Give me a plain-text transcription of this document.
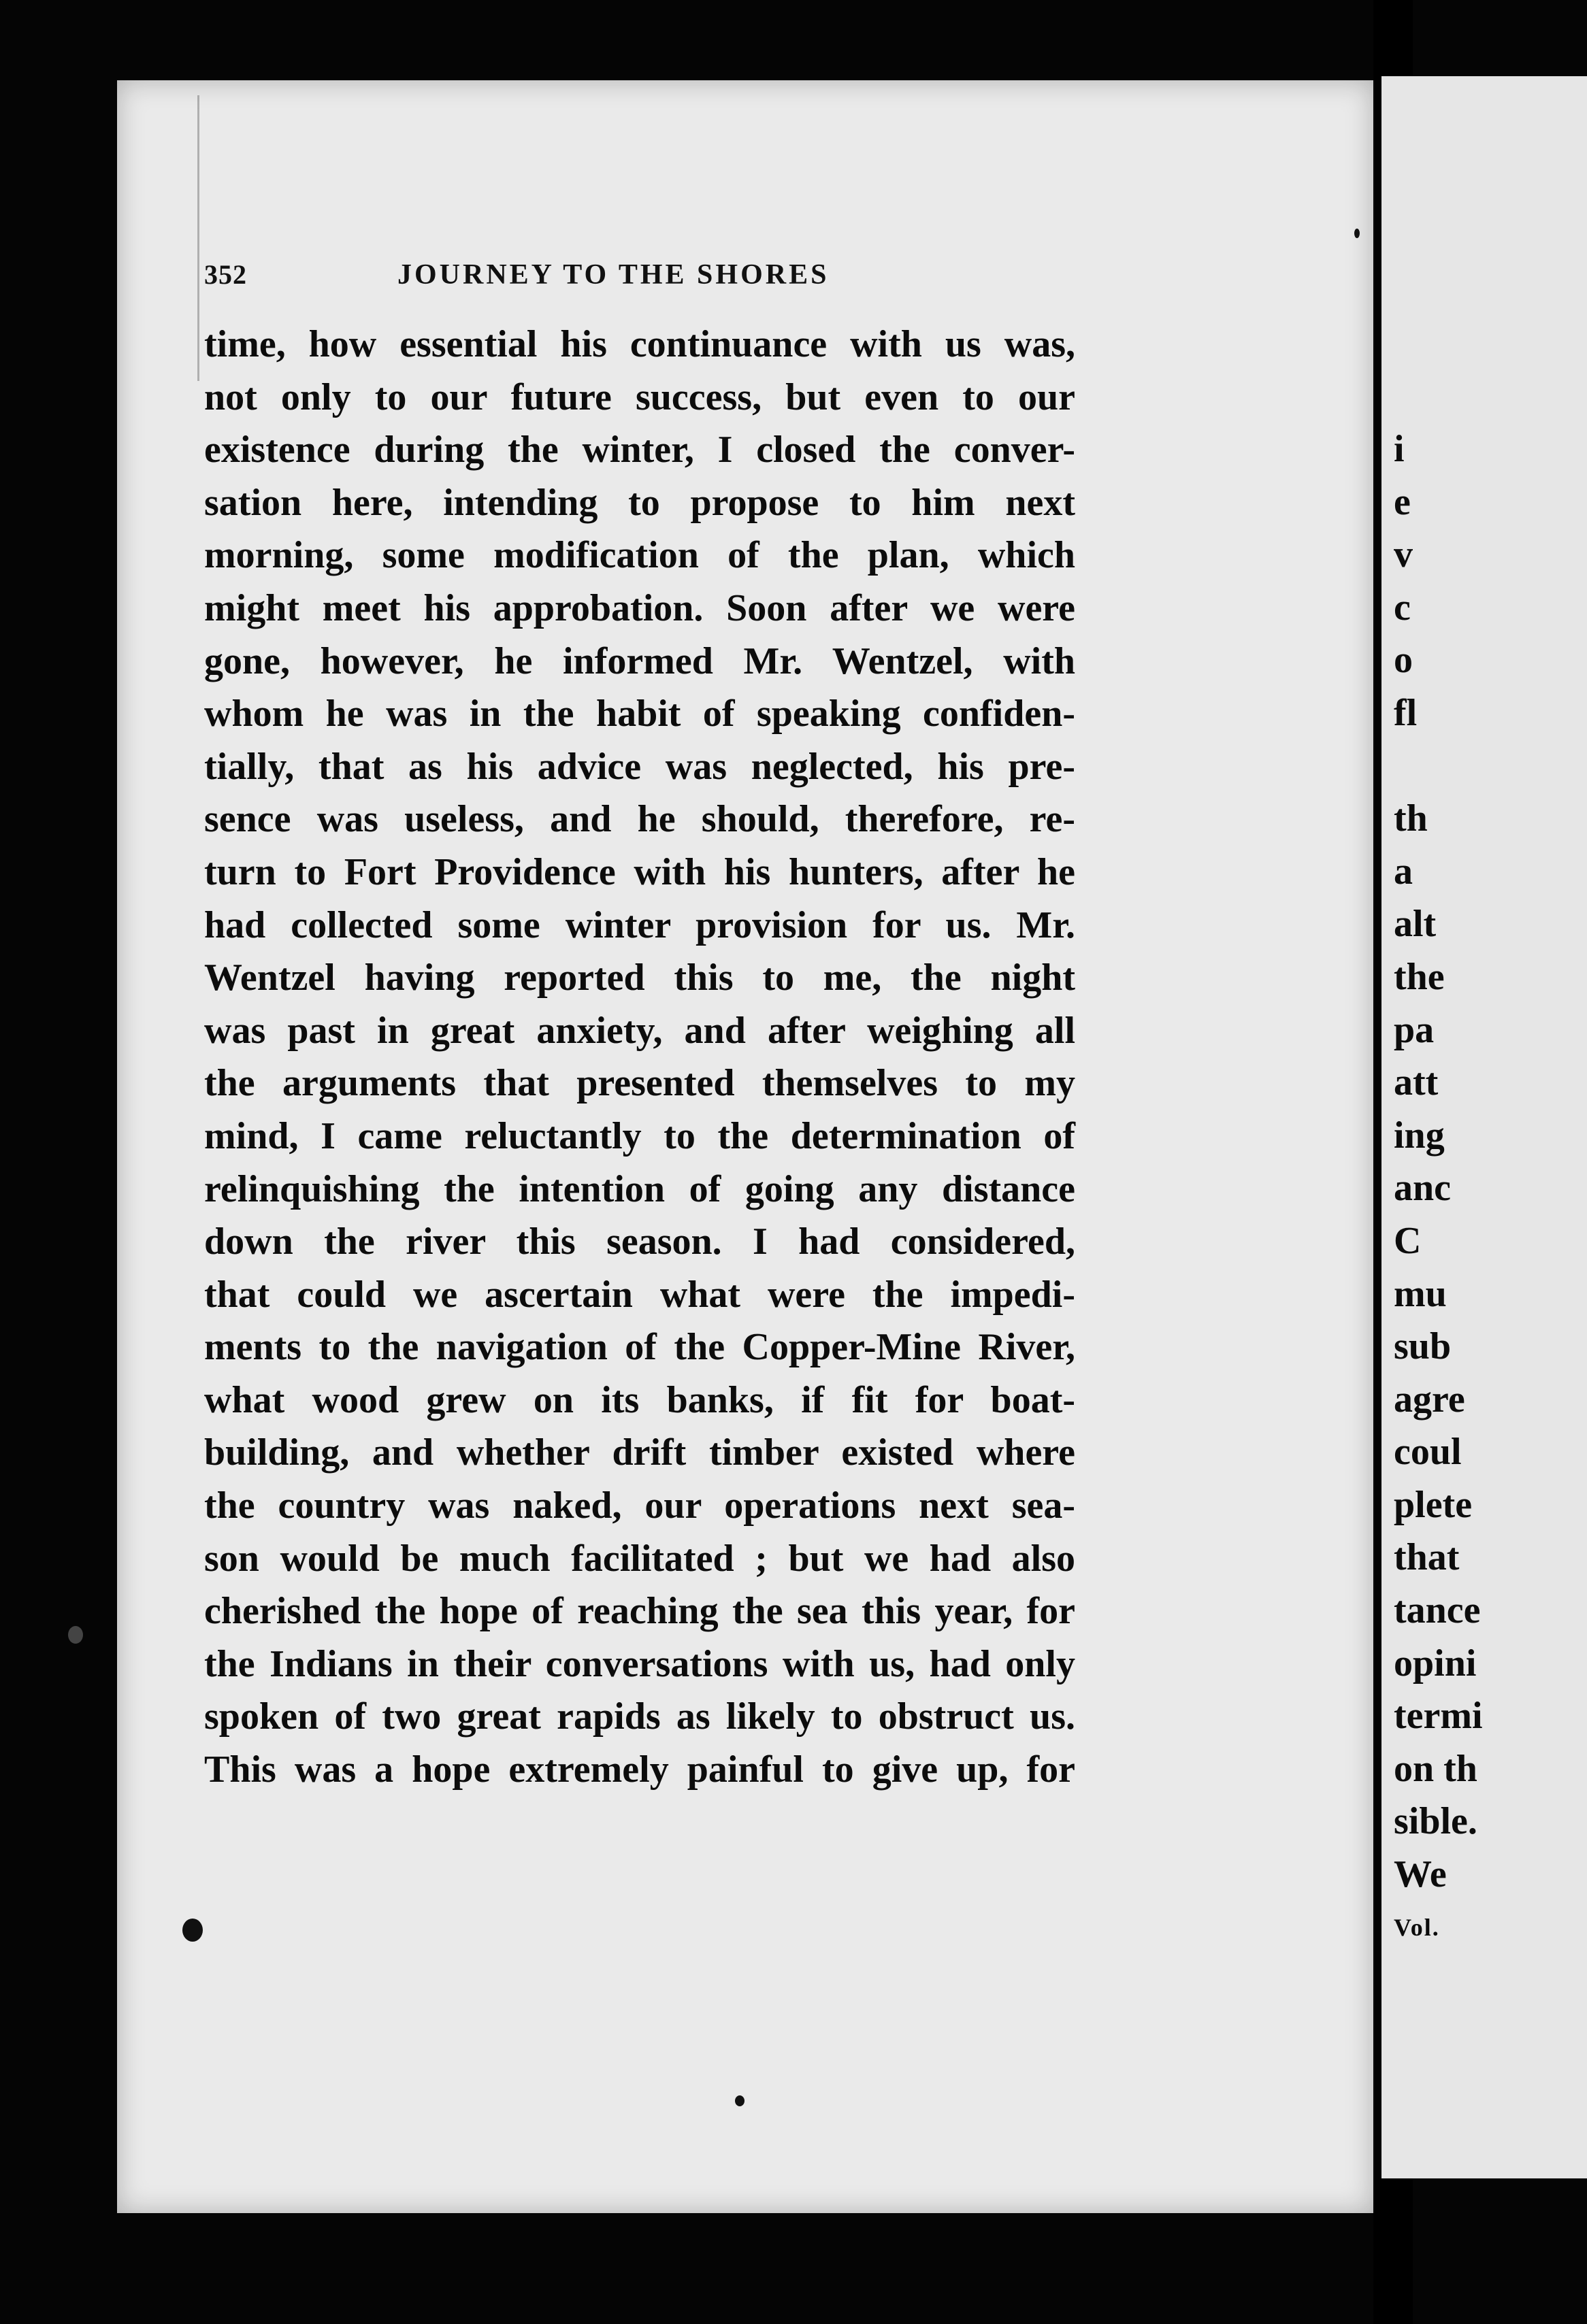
352	JOURNEY TO THE SHORES
time, how essential his continuance with us was,
not only to our future success, but even to our
existence during the winter, I closed the conver-
sation here, intending to propose to him next
morning, some modification of the plan, which
might meet his approbation. Soon after we were
gone, however, he informed Mr. Wentzel, with
whom he was in the habit of speaking confiden-
tially, that as his advice was neglected, his pre-
sence was useless, and he should, therefore, re-
turn to Fort Providence with his hunters, after he
had collected some winter provision for us. Mr.
Wentzel having reported this to me, the night
was past in great anxiety, and after weighing all
the arguments that presented themselves to my
mind, I came reluctantly to the determination of
relinquishing the intention of going any distance
down the river this season. I had considered,
that could we ascertain what were the impedi-
ments to the navigation of the Copper-Mine River,
what wood grew on its banks, if fit for boat-
building, and whether drift timber existed where
the country was naked, our operations next sea-
son would be much facilitated ; but we had also
cherished the hope of reaching the sea this year, for
the Indians in their conversations with us, had only
spoken of two great rapids as likely to obstruct us.
This was a hope extremely painful to give up, for
i
e
v
c
o
fl
th
a
alt
the
pa
att
ing
anc
C
mu
sub
agre
coul
plete
that
tance
opini
termi
on th
sible.
We
Vol.
